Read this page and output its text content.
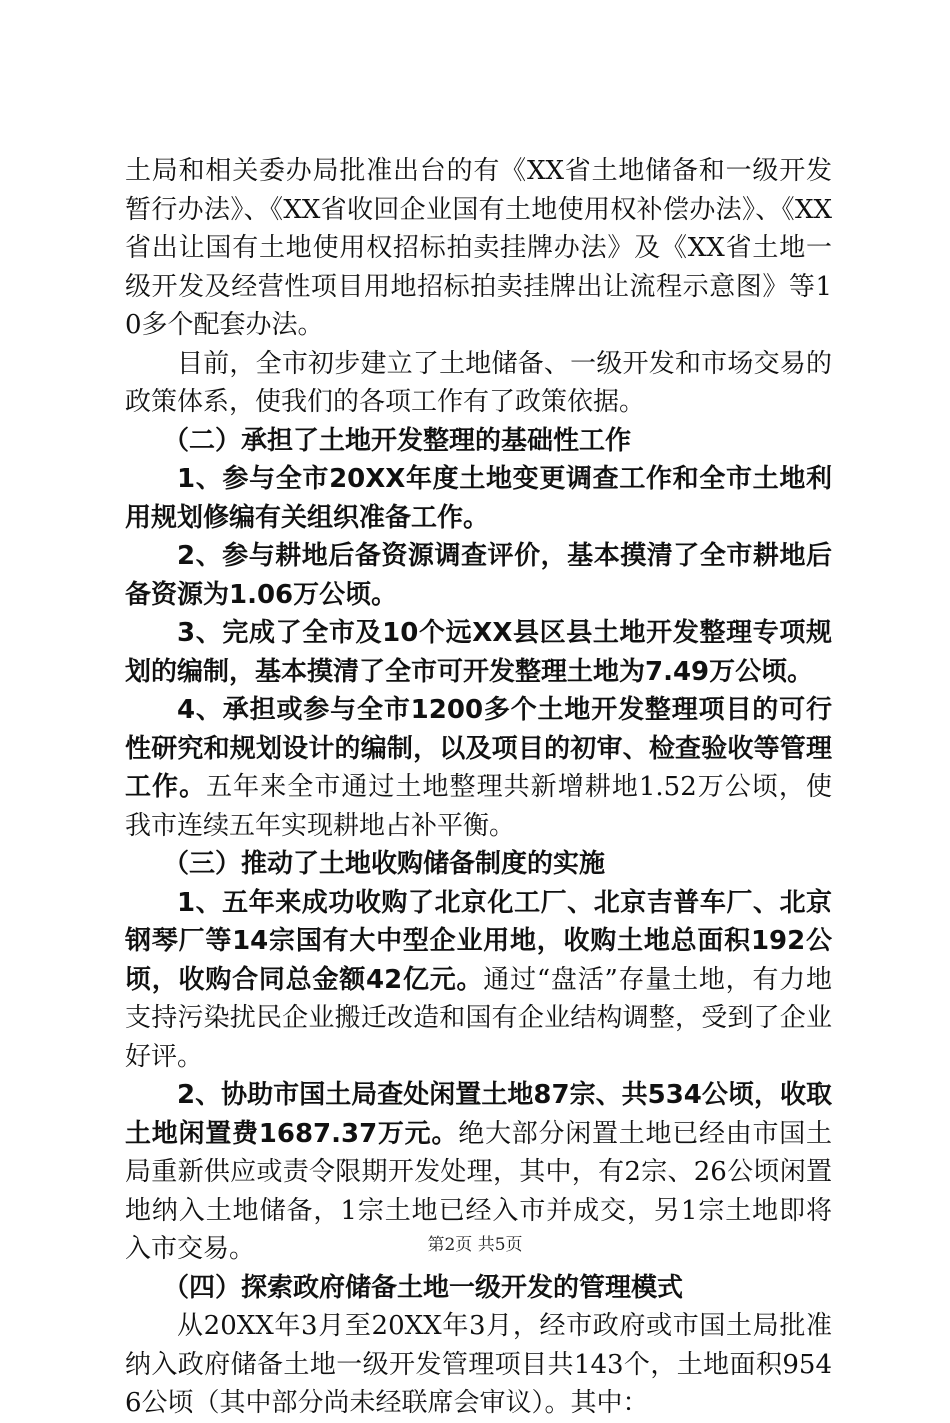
土局和相关委办局批准出台的有《XX省土地储备和一级开发暂行办法》、《XX省收回企业国有土地使用权补偿办法》、《XX省出让国有土地使用权招标拍卖挂牌办法》及《XX省土地一级开发及经营性项目用地招标拍卖挂牌出让流程示意图》等10多个配套办法。

目前，全市初步建立了土地储备、一级开发和市场交易的政策体系，使我们的各项工作有了政策依据。

（二）承担了土地开发整理的基础性工作

1、参与全市20XX年度土地变更调查工作和全市土地利用规划修编有关组织准备工作。

2、参与耕地后备资源调查评价，基本摸清了全市耕地后备资源为1.06万公顷。

3、完成了全市及10个远XX县区县土地开发整理专项规划的编制，基本摸清了全市可开发整理土地为7.49万公顷。

4、承担或参与全市1200多个土地开发整理项目的可行性研究和规划设计的编制，以及项目的初审、检查验收等管理工作。五年来全市通过土地整理共新增耕地1.52万公顷，使我市连续五年实现耕地占补平衡。

（三）推动了土地收购储备制度的实施

1、五年来成功收购了北京化工厂、北京吉普车厂、北京钢琴厂等14宗国有大中型企业用地，收购土地总面积192公顷，收购合同总金额42亿元。通过“盘活”存量土地，有力地支持污染扰民企业搬迁改造和国有企业结构调整，受到了企业好评。

2、协助市国土局查处闲置土地87宗、共534公顷，收取土地闲置费1687.37万元。绝大部分闲置土地已经由市国土局重新供应或责令限期开发处理，其中，有2宗、26公顷闲置地纳入土地储备，1宗土地已经入市并成交，另1宗土地即将入市交易。

（四）探索政府储备土地一级开发的管理模式

从20XX年3月至20XX年3月，经市政府或市国土局批准纳入政府储备土地一级开发管理项目共143个，土地面积9546公顷（其中部分尚未经联席会审议）。其中：

第2页 共5页
